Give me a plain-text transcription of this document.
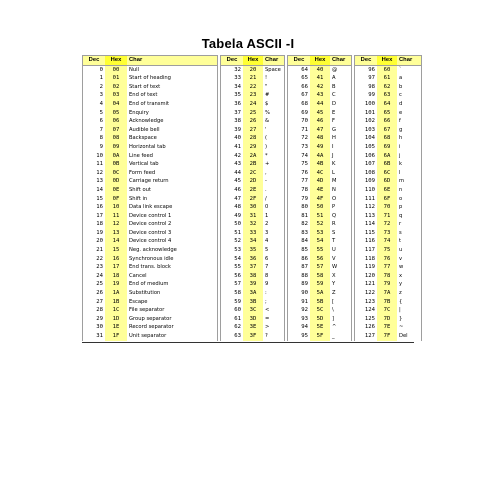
Tabela ASCII -I
Dec	Hex	Char
0	00	Null
1	01	Start of heading
2	02	Start of text
3	03	End of text
4	04	End of transmit
5	05	Enquiry
6	06	Acknowledge
7	07	Audible bell
8	08	Backspace
9	09	Horizontal tab
10	0A	Line feed
11	0B	Vertical tab
12	0C	Form feed
13	0D	Carriage return
14	0E	Shift out
15	0F	Shift in
16	10	Data link escape
17	11	Device control 1
18	12	Device control 2
19	13	Device control 3
20	14	Device control 4
21	15	Neg. acknowledge
22	16	Synchronous idle
23	17	End trans. block
24	18	Cancel
25	19	End of medium
26	1A	Substitution
27	1B	Escape
28	1C	File separator
29	1D	Group separator
30	1E	Record separator
31	1F	Unit separator
Dec	Hex	Char
32	20	Space
33	21	!
34	22	"
35	23	#
36	24	$
37	25	%
38	26	&
39	27	'
40	28	(
41	29	)
42	2A	*
43	2B	+
44	2C	,
45	2D	-
46	2E	.
47	2F	/
48	30	0
49	31	1
50	32	2
51	33	3
52	34	4
53	35	5
54	36	6
55	37	7
56	38	8
57	39	9
58	3A	:
59	3B	;
60	3C	<
61	3D	=
62	3E	>
63	3F	?
Dec	Hex	Char
64	40	@
65	41	A
66	42	B
67	43	C
68	44	D
69	45	E
70	46	F
71	47	G
72	48	H
73	49	I
74	4A	J
75	4B	K
76	4C	L
77	4D	M
78	4E	N
79	4F	O
80	50	P
81	51	Q
82	52	R
83	53	S
84	54	T
85	55	U
86	56	V
87	57	W
88	58	X
89	59	Y
90	5A	Z
91	5B	[
92	5C	\
93	5D	]
94	5E	^
95	5F	_
Dec	Hex	Char
96	60	`
97	61	a
98	62	b
99	63	c
100	64	d
101	65	e
102	66	f
103	67	g
104	68	h
105	69	i
106	6A	j
107	6B	k
108	6C	l
109	6D	m
110	6E	n
111	6F	o
112	70	p
113	71	q
114	72	r
115	73	s
116	74	t
117	75	u
118	76	v
119	77	w
120	78	x
121	79	y
122	7A	z
123	7B	{
124	7C	|
125	7D	}
126	7E	~
127	7F	Del
